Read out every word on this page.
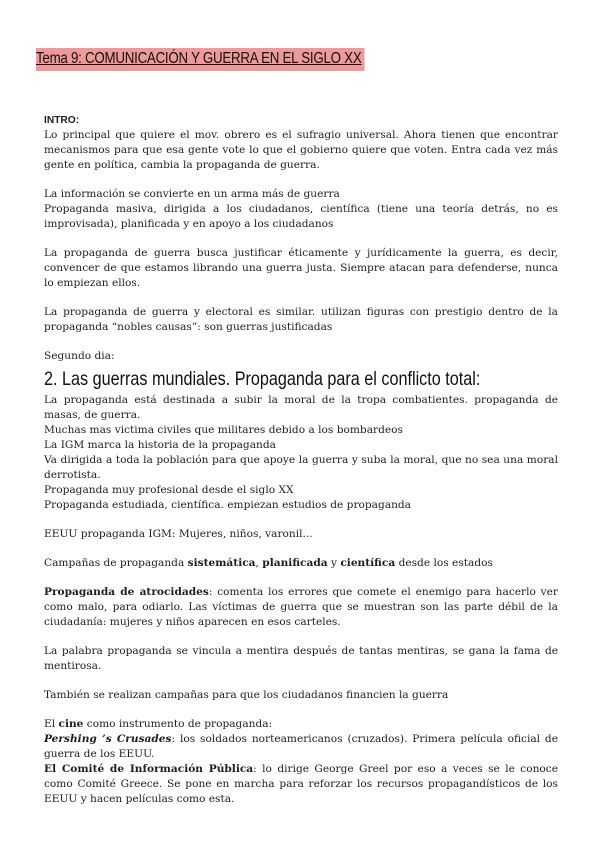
Tema 9: COMUNICACIÓN Y GUERRA EN EL SIGLO XX

INTRO:

Lo principal que quiere el mov. obrero es el sufragio universal. Ahora tienen que encontrar mecanismos para que esa gente vote lo que el gobierno quiere que voten. Entra cada vez más gente en política, cambia la propaganda de guerra.

La información se convierte en un arma más de guerra

Propaganda masiva, dirigida a los ciudadanos, científica (tiene una teoría detrás, no es improvisada), planificada y en apoyo a los ciudadanos

La propaganda de guerra busca justificar éticamente y jurídicamente la guerra, es decir, convencer de que estamos librando una guerra justa. Siempre atacan para defenderse, nunca lo empiezan ellos.

La propaganda de guerra y electoral es similar. utilizan figuras con prestigio dentro de la propaganda “nobles causas”: son guerras justificadas

Segundo dia:

2. Las guerras mundiales. Propaganda para el conflicto total:

La propaganda está destinada a subir la moral de la tropa combatientes. propaganda de masas, de guerra.

Muchas mas victima civiles que militares debido a los bombardeos

La IGM marca la historia de la propaganda

Va dirigida a toda la población para que apoye la guerra y suba la moral, que no sea una moral derrotista.

Propaganda muy profesional desde el siglo XX

Propaganda estudiada, científica. empiezan estudios de propaganda

EEUU propaganda IGM: Mujeres, niños, varonil...

Campañas de propaganda sistemática, planificada y científica desde los estados

Propaganda de atrocidades: comenta los errores que comete el enemigo para hacerlo ver como malo, para odiarlo. Las víctimas de guerra que se muestran son las parte débil de la ciudadanía: mujeres y niños aparecen en esos carteles.

La palabra propaganda se vincula a mentira después de tantas mentiras, se gana la fama de mentirosa.

También se realizan campañas para que los ciudadanos financien la guerra

El cine como instrumento de propaganda:

Pershing ’s Crusades: los soldados norteamericanos (cruzados). Primera película oficial de guerra de los EEUU.

El Comité de Información Pública: lo dirige George Greel por eso a veces se le conoce como Comité Greece. Se pone en marcha para reforzar los recursos propagandísticos de los EEUU y hacen películas como esta.
